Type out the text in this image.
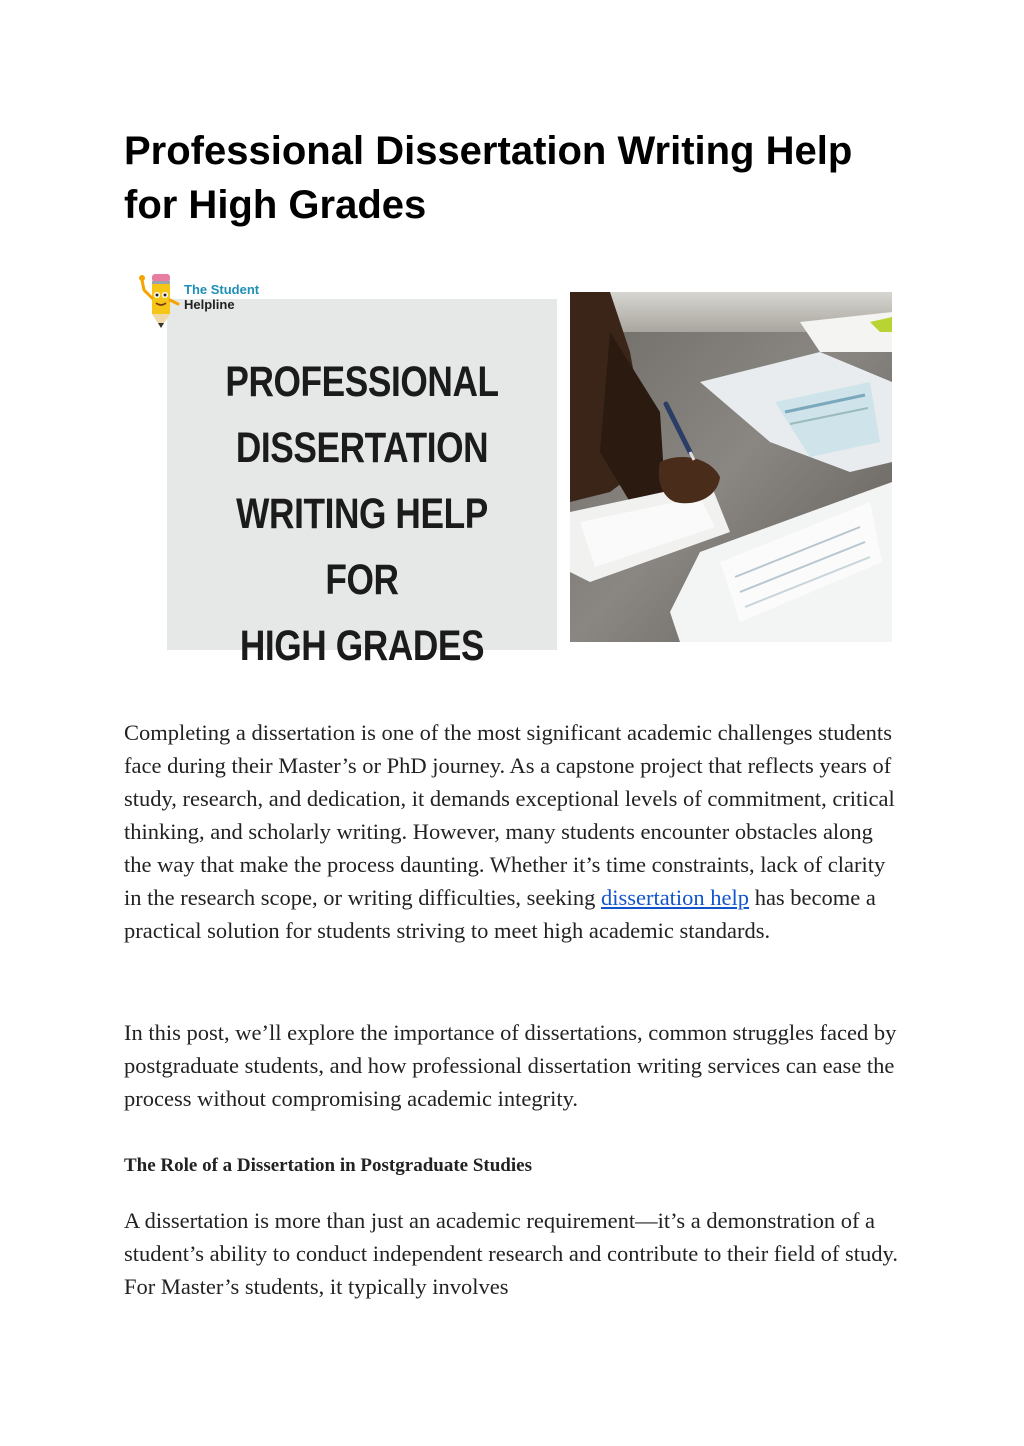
Professional Dissertation Writing Help for High Grades
PROFESSIONAL
DISSERTATION
WRITING HELP FOR
HIGH GRADES
The Student
Helpline

Completing a dissertation is one of the most significant academic challenges students face during their Master’s or PhD journey. As a capstone project that reflects years of study, research, and dedication, it demands exceptional levels of commitment, critical thinking, and scholarly writing. However, many students encounter obstacles along the way that make the process daunting. Whether it’s time constraints, lack of clarity in the research scope, or writing difficulties, seeking dissertation help has become a practical solution for students striving to meet high academic standards.

In this post, we’ll explore the importance of dissertations, common struggles faced by postgraduate students, and how professional dissertation writing services can ease the process without compromising academic integrity.

The Role of a Dissertation in Postgraduate Studies

A dissertation is more than just an academic requirement—it’s a demonstration of a student’s ability to conduct independent research and contribute to their field of study. For Master’s students, it typically involves
